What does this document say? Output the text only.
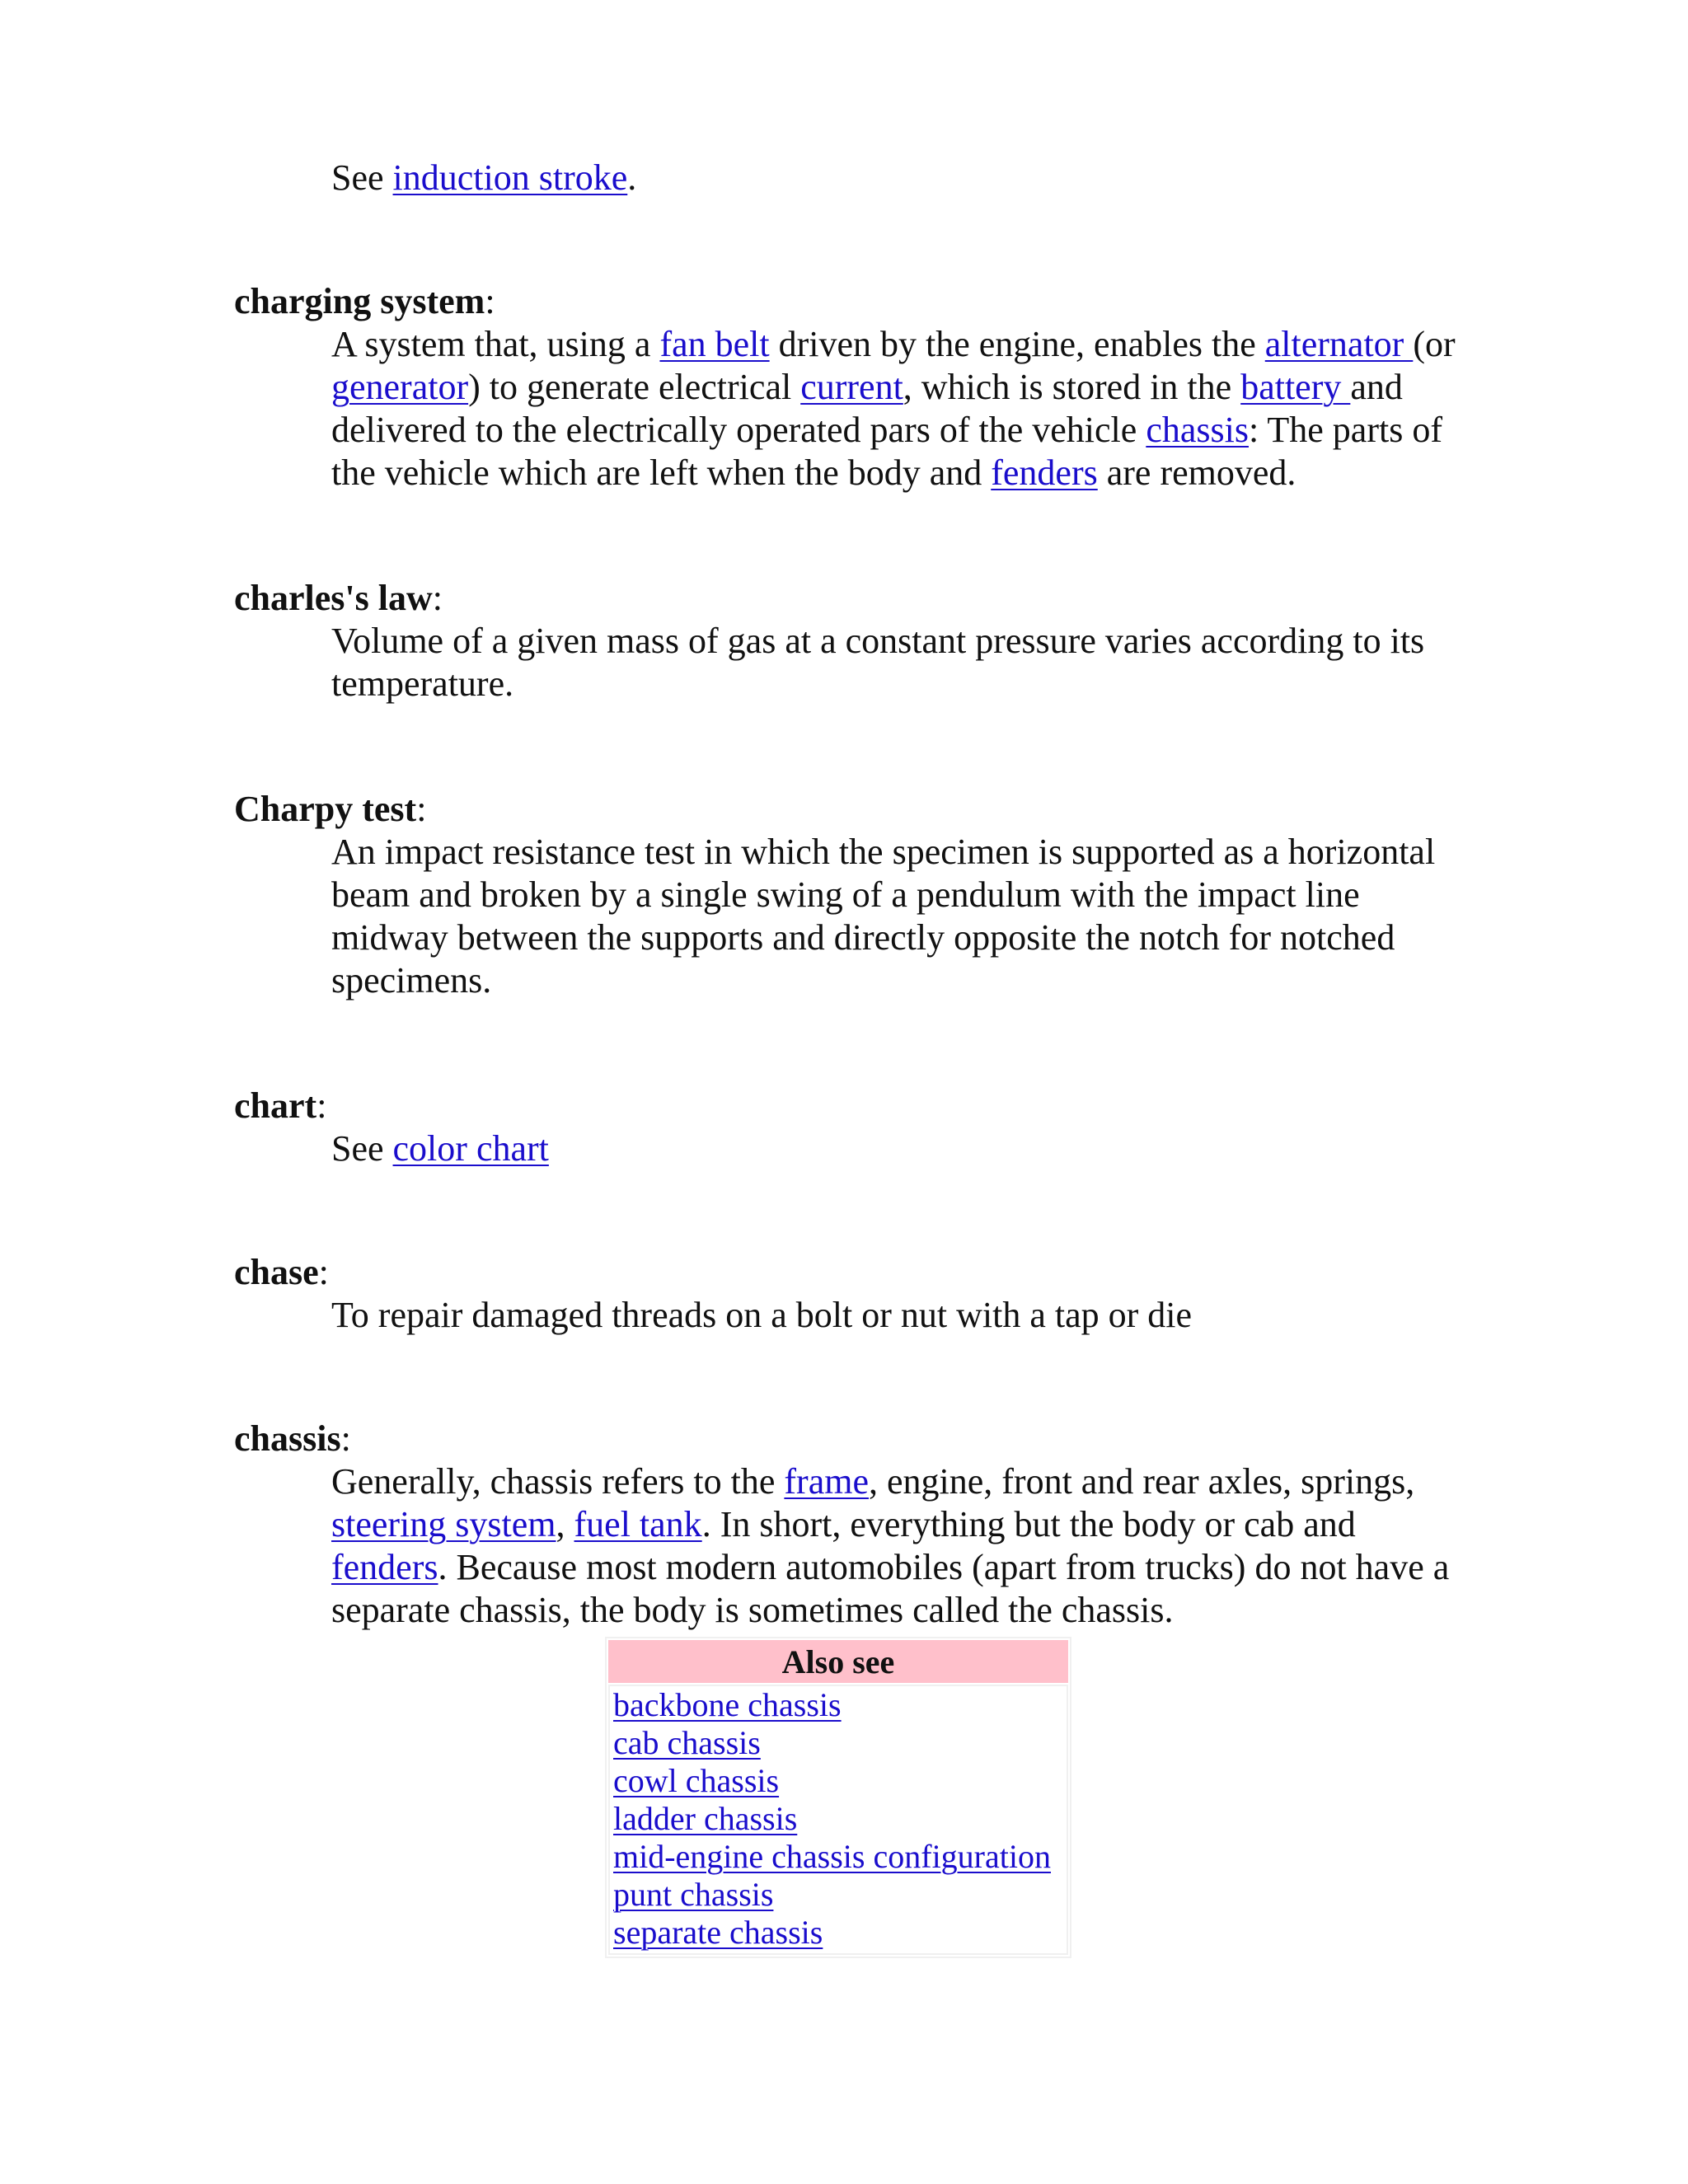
See induction stroke.

charging system:

A system that, using a fan belt driven by the engine, enables the alternator (or generator) to generate electrical current, which is stored in the battery and delivered to the electrically operated pars of the vehicle chassis: The parts of the vehicle which are left when the body and fenders are removed.

charles's law:

Volume of a given mass of gas at a constant pressure varies according to its temperature.

Charpy test:

An impact resistance test in which the specimen is supported as a horizontal beam and broken by a single swing of a pendulum with the impact line midway between the supports and directly opposite the notch for notched specimens.

chart:

See color chart

chase:

To repair damaged threads on a bolt or nut with a tap or die

chassis:

Generally, chassis refers to the frame, engine, front and rear axles, springs, steering system, fuel tank. In short, everything but the body or cab and fenders. Because most modern automobiles (apart from trucks) do not have a separate chassis, the body is sometimes called the chassis.

Also see

backbone chassis
cab chassis
cowl chassis
ladder chassis
mid-engine chassis configuration
punt chassis
separate chassis
